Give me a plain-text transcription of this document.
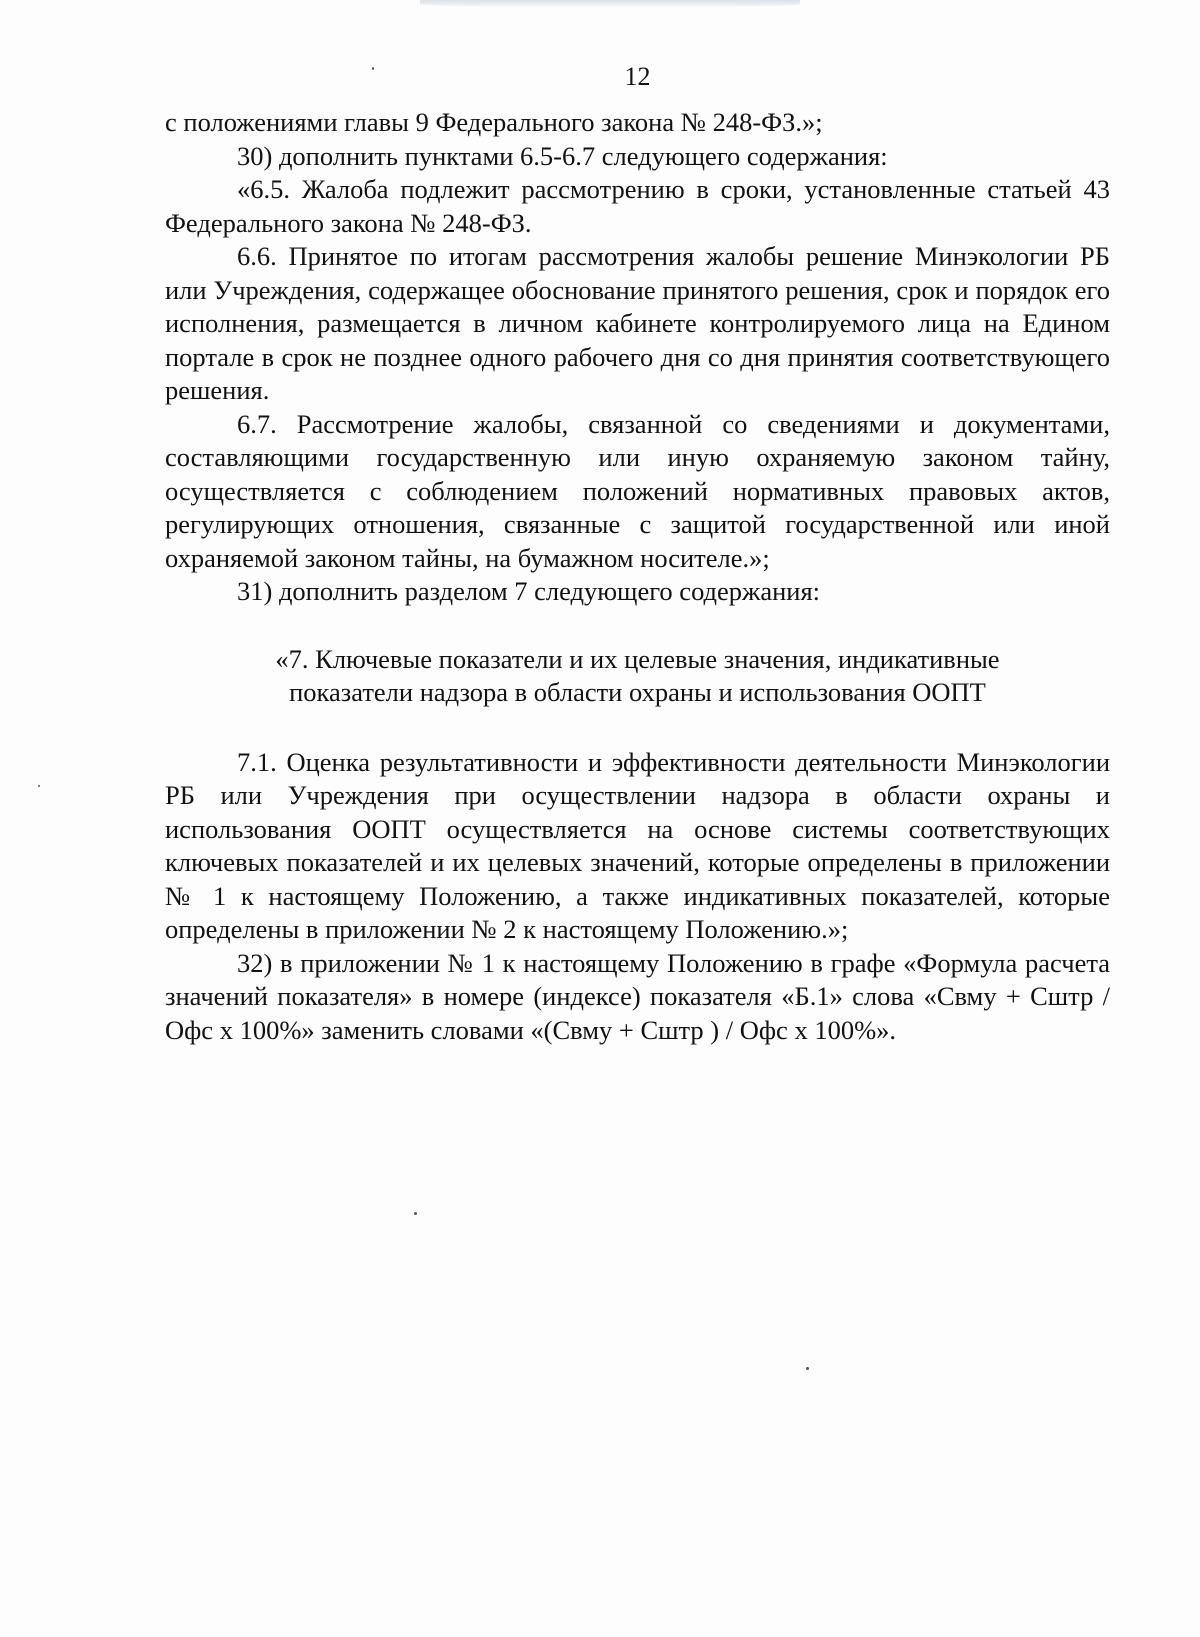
12

с положениями главы 9 Федерального закона № 248-ФЗ.»;

30) дополнить пунктами 6.5-6.7 следующего содержания:

«6.5. Жалоба подлежит рассмотрению в сроки, установленные статьей 43 Федерального закона № 248-ФЗ.

6.6. Принятое по итогам рассмотрения жалобы решение Минэкологии РБ или Учреждения, содержащее обоснование принятого решения, срок и порядок его исполнения, размещается в личном кабинете контролируемого лица на Едином портале в срок не позднее одного рабочего дня со дня принятия соответствующего решения.

6.7. Рассмотрение жалобы, связанной со сведениями и документами, составляющими государственную или иную охраняемую законом тайну, осуществляется с соблюдением положений нормативных правовых актов, регулирующих отношения, связанные с защитой государственной или иной охраняемой законом тайны, на бумажном носителе.»;

31) дополнить разделом 7 следующего содержания:

«7. Ключевые показатели и их целевые значения, индикативные
показатели надзора в области охраны и использования ООПТ

7.1. Оценка результативности и эффективности деятельности Минэкологии РБ или Учреждения при осуществлении надзора в области охраны и использования ООПТ осуществляется на основе системы соответствующих ключевых показателей и их целевых значений, которые определены в приложении № 1 к настоящему Положению, а также индикативных показателей, которые определены в приложении № 2 к настоящему Положению.»;

32) в приложении № 1 к настоящему Положению в графе «Формула расчета значений показателя» в номере (индексе) показателя «Б.1» слова «Свму + Сштр / Офс х 100%» заменить словами «(Свму + Сштр ) / Офс х 100%».
